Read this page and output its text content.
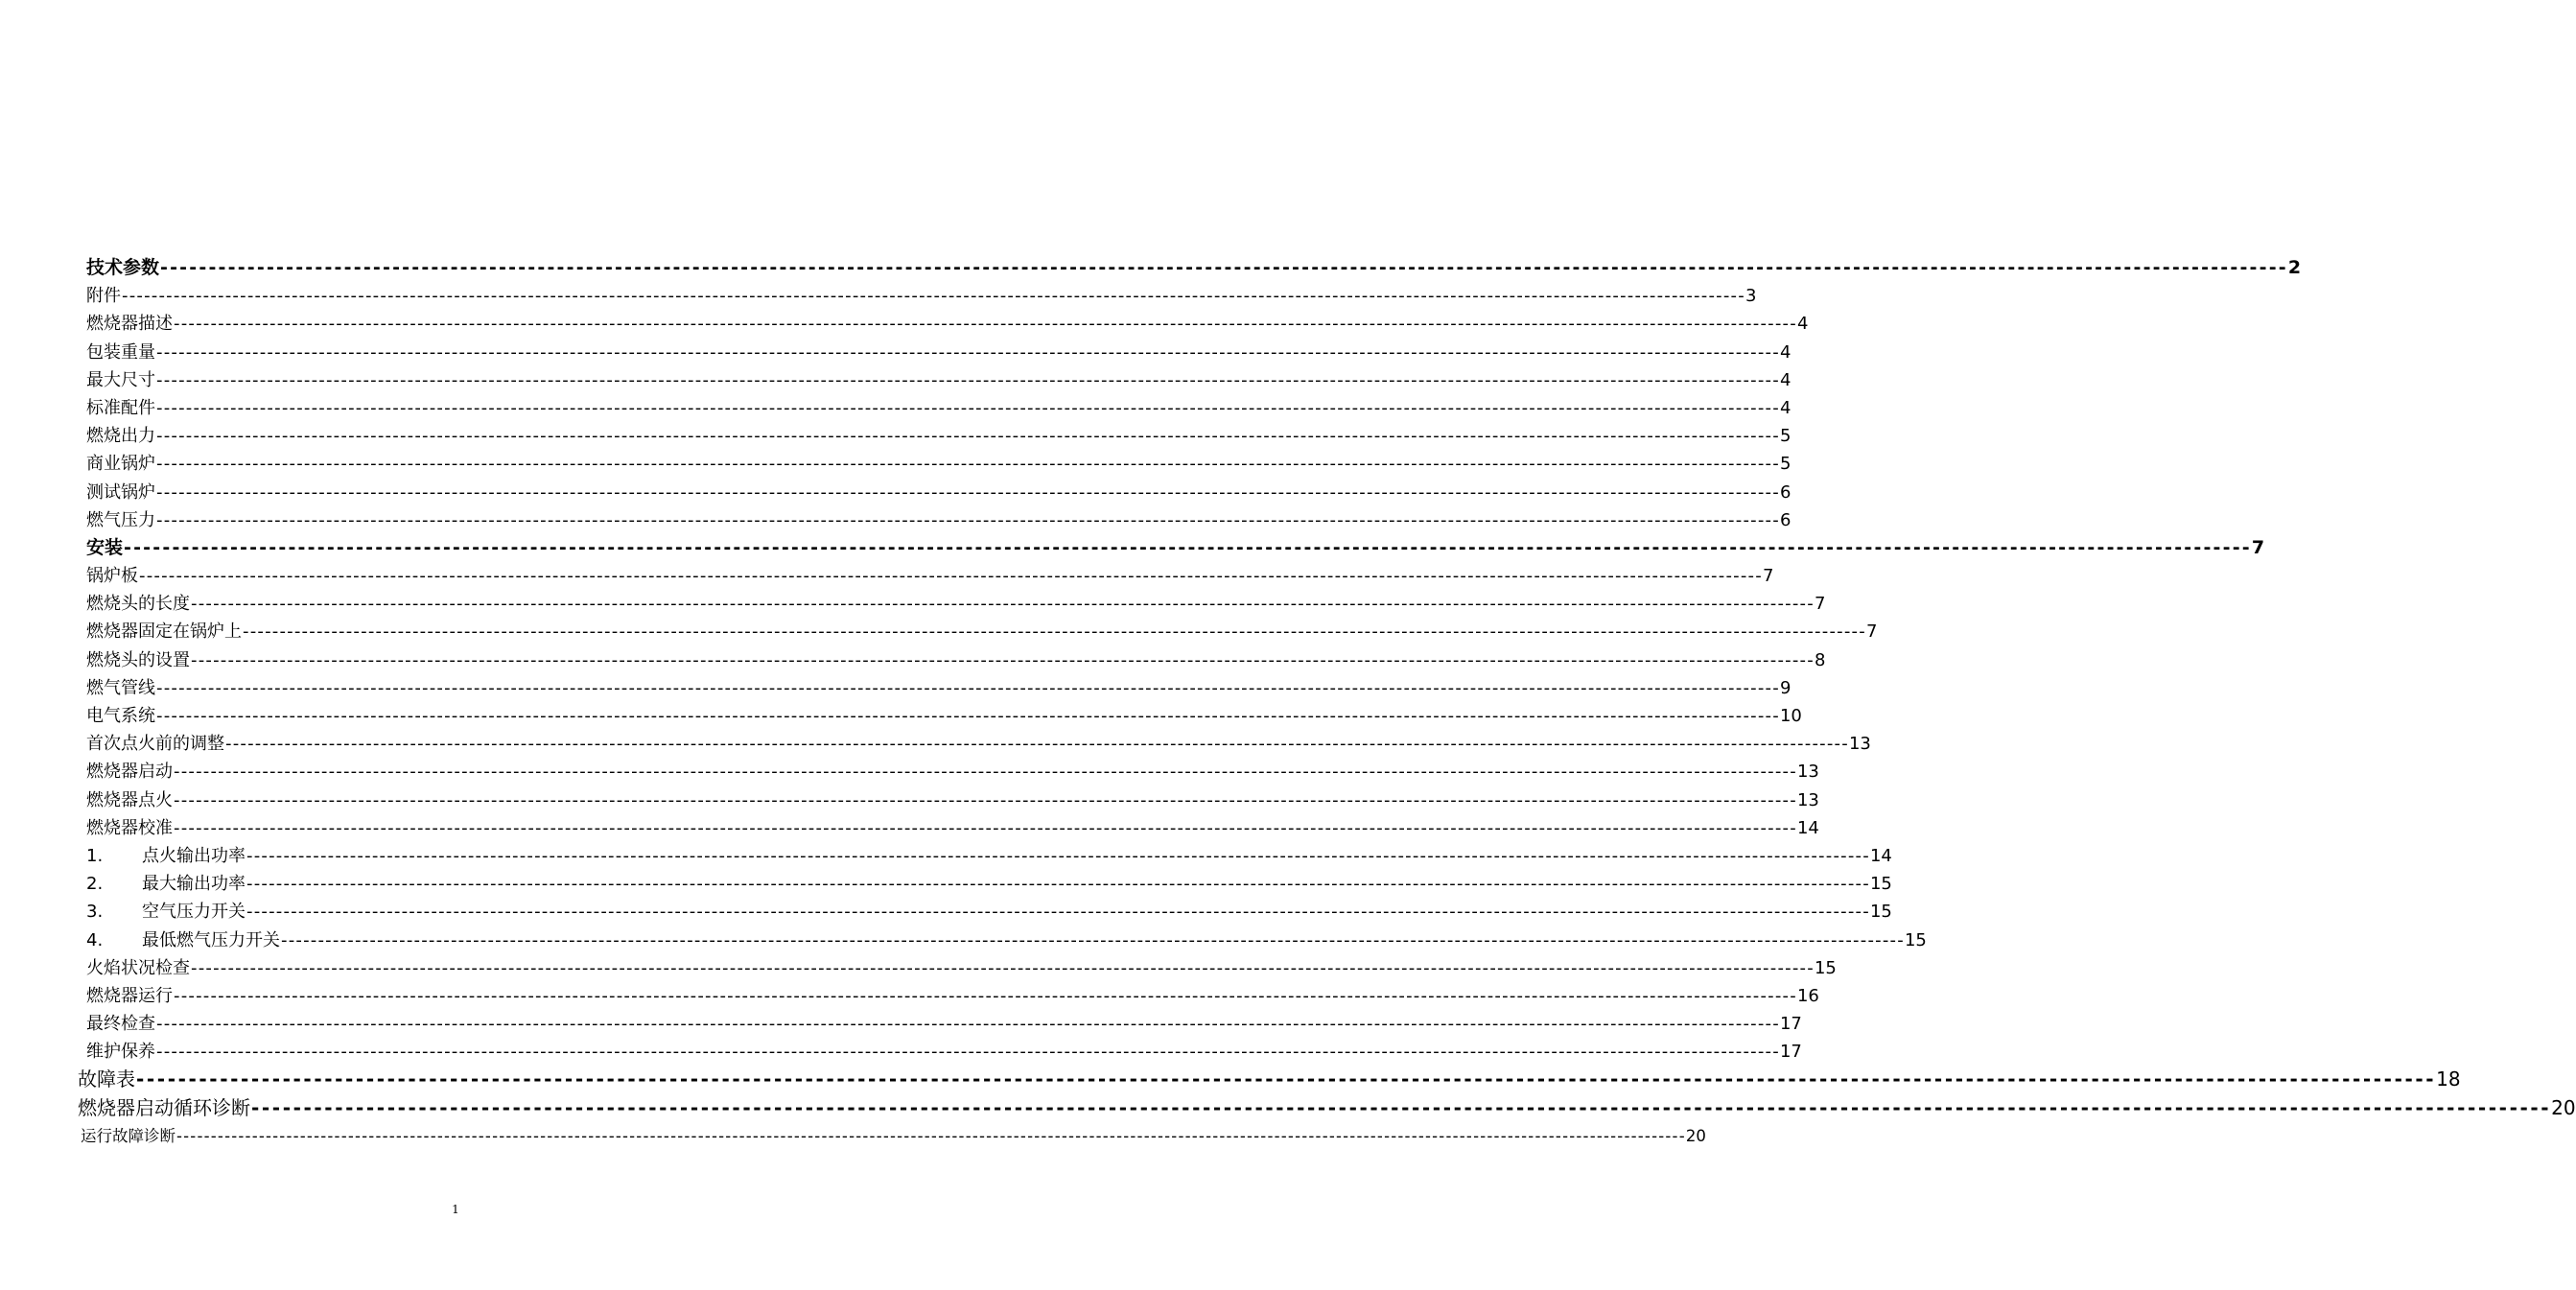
技术参数 ---------------------------------------------------------------------------------------------------------------------------------------------------------------------------------------------------------------------------- 2
附件 ---------------------------------------------------------------------------------------------------------------------------------------------------------------------------------------------------------------------------- 3
燃烧器描述 ---------------------------------------------------------------------------------------------------------------------------------------------------------------------------------------------------------------------------- 4
包装重量 ---------------------------------------------------------------------------------------------------------------------------------------------------------------------------------------------------------------------------- 4
最大尺寸 ---------------------------------------------------------------------------------------------------------------------------------------------------------------------------------------------------------------------------- 4
标准配件 ---------------------------------------------------------------------------------------------------------------------------------------------------------------------------------------------------------------------------- 4
燃烧出力 ---------------------------------------------------------------------------------------------------------------------------------------------------------------------------------------------------------------------------- 5
商业锅炉 ---------------------------------------------------------------------------------------------------------------------------------------------------------------------------------------------------------------------------- 5
测试锅炉 ---------------------------------------------------------------------------------------------------------------------------------------------------------------------------------------------------------------------------- 6
燃气压力 ---------------------------------------------------------------------------------------------------------------------------------------------------------------------------------------------------------------------------- 6
安装 ---------------------------------------------------------------------------------------------------------------------------------------------------------------------------------------------------------------------------- 7
锅炉板 ---------------------------------------------------------------------------------------------------------------------------------------------------------------------------------------------------------------------------- 7
燃烧头的长度 ---------------------------------------------------------------------------------------------------------------------------------------------------------------------------------------------------------------------------- 7
燃烧器固定在锅炉上 ---------------------------------------------------------------------------------------------------------------------------------------------------------------------------------------------------------------------------- 7
燃烧头的设置 ---------------------------------------------------------------------------------------------------------------------------------------------------------------------------------------------------------------------------- 8
燃气管线 ---------------------------------------------------------------------------------------------------------------------------------------------------------------------------------------------------------------------------- 9
电气系统 ---------------------------------------------------------------------------------------------------------------------------------------------------------------------------------------------------------------------------- 10
首次点火前的调整 ---------------------------------------------------------------------------------------------------------------------------------------------------------------------------------------------------------------------------- 13
燃烧器启动 ---------------------------------------------------------------------------------------------------------------------------------------------------------------------------------------------------------------------------- 13
燃烧器点火 ---------------------------------------------------------------------------------------------------------------------------------------------------------------------------------------------------------------------------- 13
燃烧器校准 ---------------------------------------------------------------------------------------------------------------------------------------------------------------------------------------------------------------------------- 14
1.	点火输出功率 ---------------------------------------------------------------------------------------------------------------------------------------------------------------------------------------------------------------------------- 14
2.	最大输出功率 ---------------------------------------------------------------------------------------------------------------------------------------------------------------------------------------------------------------------------- 15
3.	空气压力开关 ---------------------------------------------------------------------------------------------------------------------------------------------------------------------------------------------------------------------------- 15
4.	最低燃气压力开关 ---------------------------------------------------------------------------------------------------------------------------------------------------------------------------------------------------------------------------- 15
火焰状况检查 ---------------------------------------------------------------------------------------------------------------------------------------------------------------------------------------------------------------------------- 15
燃烧器运行 ---------------------------------------------------------------------------------------------------------------------------------------------------------------------------------------------------------------------------- 16
最终检查 ---------------------------------------------------------------------------------------------------------------------------------------------------------------------------------------------------------------------------- 17
维护保养 ---------------------------------------------------------------------------------------------------------------------------------------------------------------------------------------------------------------------------- 17
故障表 ---------------------------------------------------------------------------------------------------------------------------------------------------------------------------------------------------------------------------- 18
燃烧器启动循环诊断 ---------------------------------------------------------------------------------------------------------------------------------------------------------------------------------------------------------------------------- 20
运行故障诊断 ---------------------------------------------------------------------------------------------------------------------------------------------------------------------------------------------------------------------------- 20
1
